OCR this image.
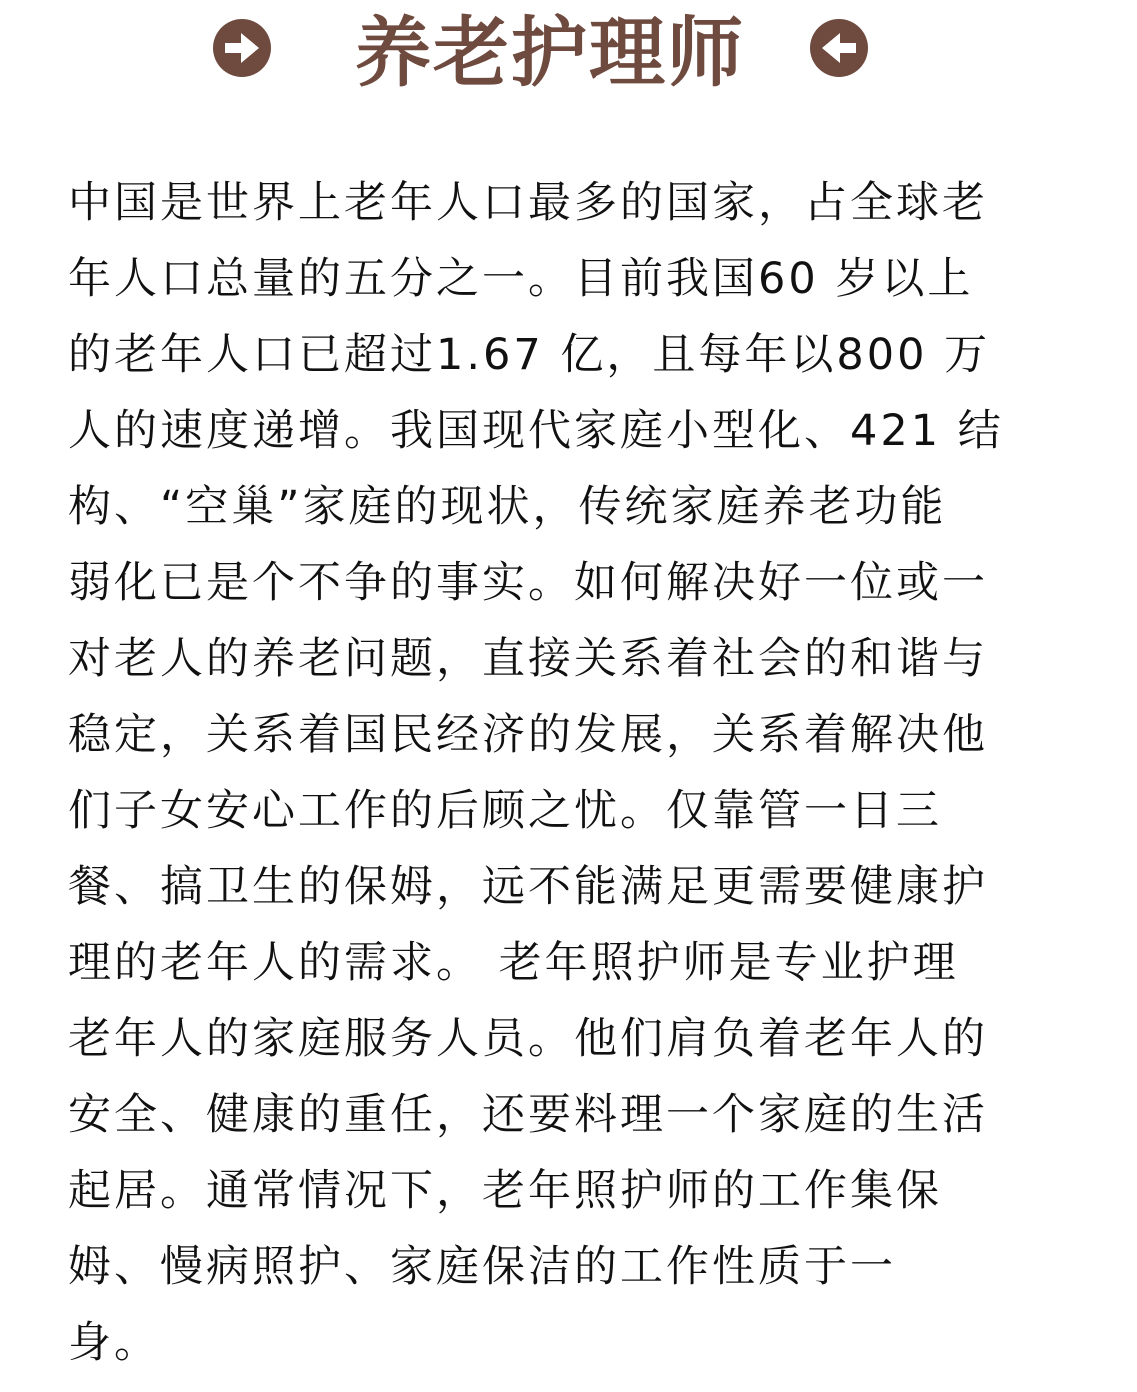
养老护理师
中国是世界上老年人口最多的国家，占全球老
年人口总量的五分之一。目前我国60 岁以上
的老年人口已超过1.67 亿，且每年以800 万
人的速度递增。我国现代家庭小型化、421 结
构、“空巢”家庭的现状，传统家庭养老功能
弱化已是个不争的事实。如何解决好一位或一
对老人的养老问题，直接关系着社会的和谐与
稳定，关系着国民经济的发展，关系着解决他
们子女安心工作的后顾之忧。仅靠管一日三
餐、搞卫生的保姆，远不能满足更需要健康护
理的老年人的需求。 老年照护师是专业护理
老年人的家庭服务人员。他们肩负着老年人的
安全、健康的重任，还要料理一个家庭的生活
起居。通常情况下，老年照护师的工作集保
姆、慢病照护、家庭保洁的工作性质于一
身。
